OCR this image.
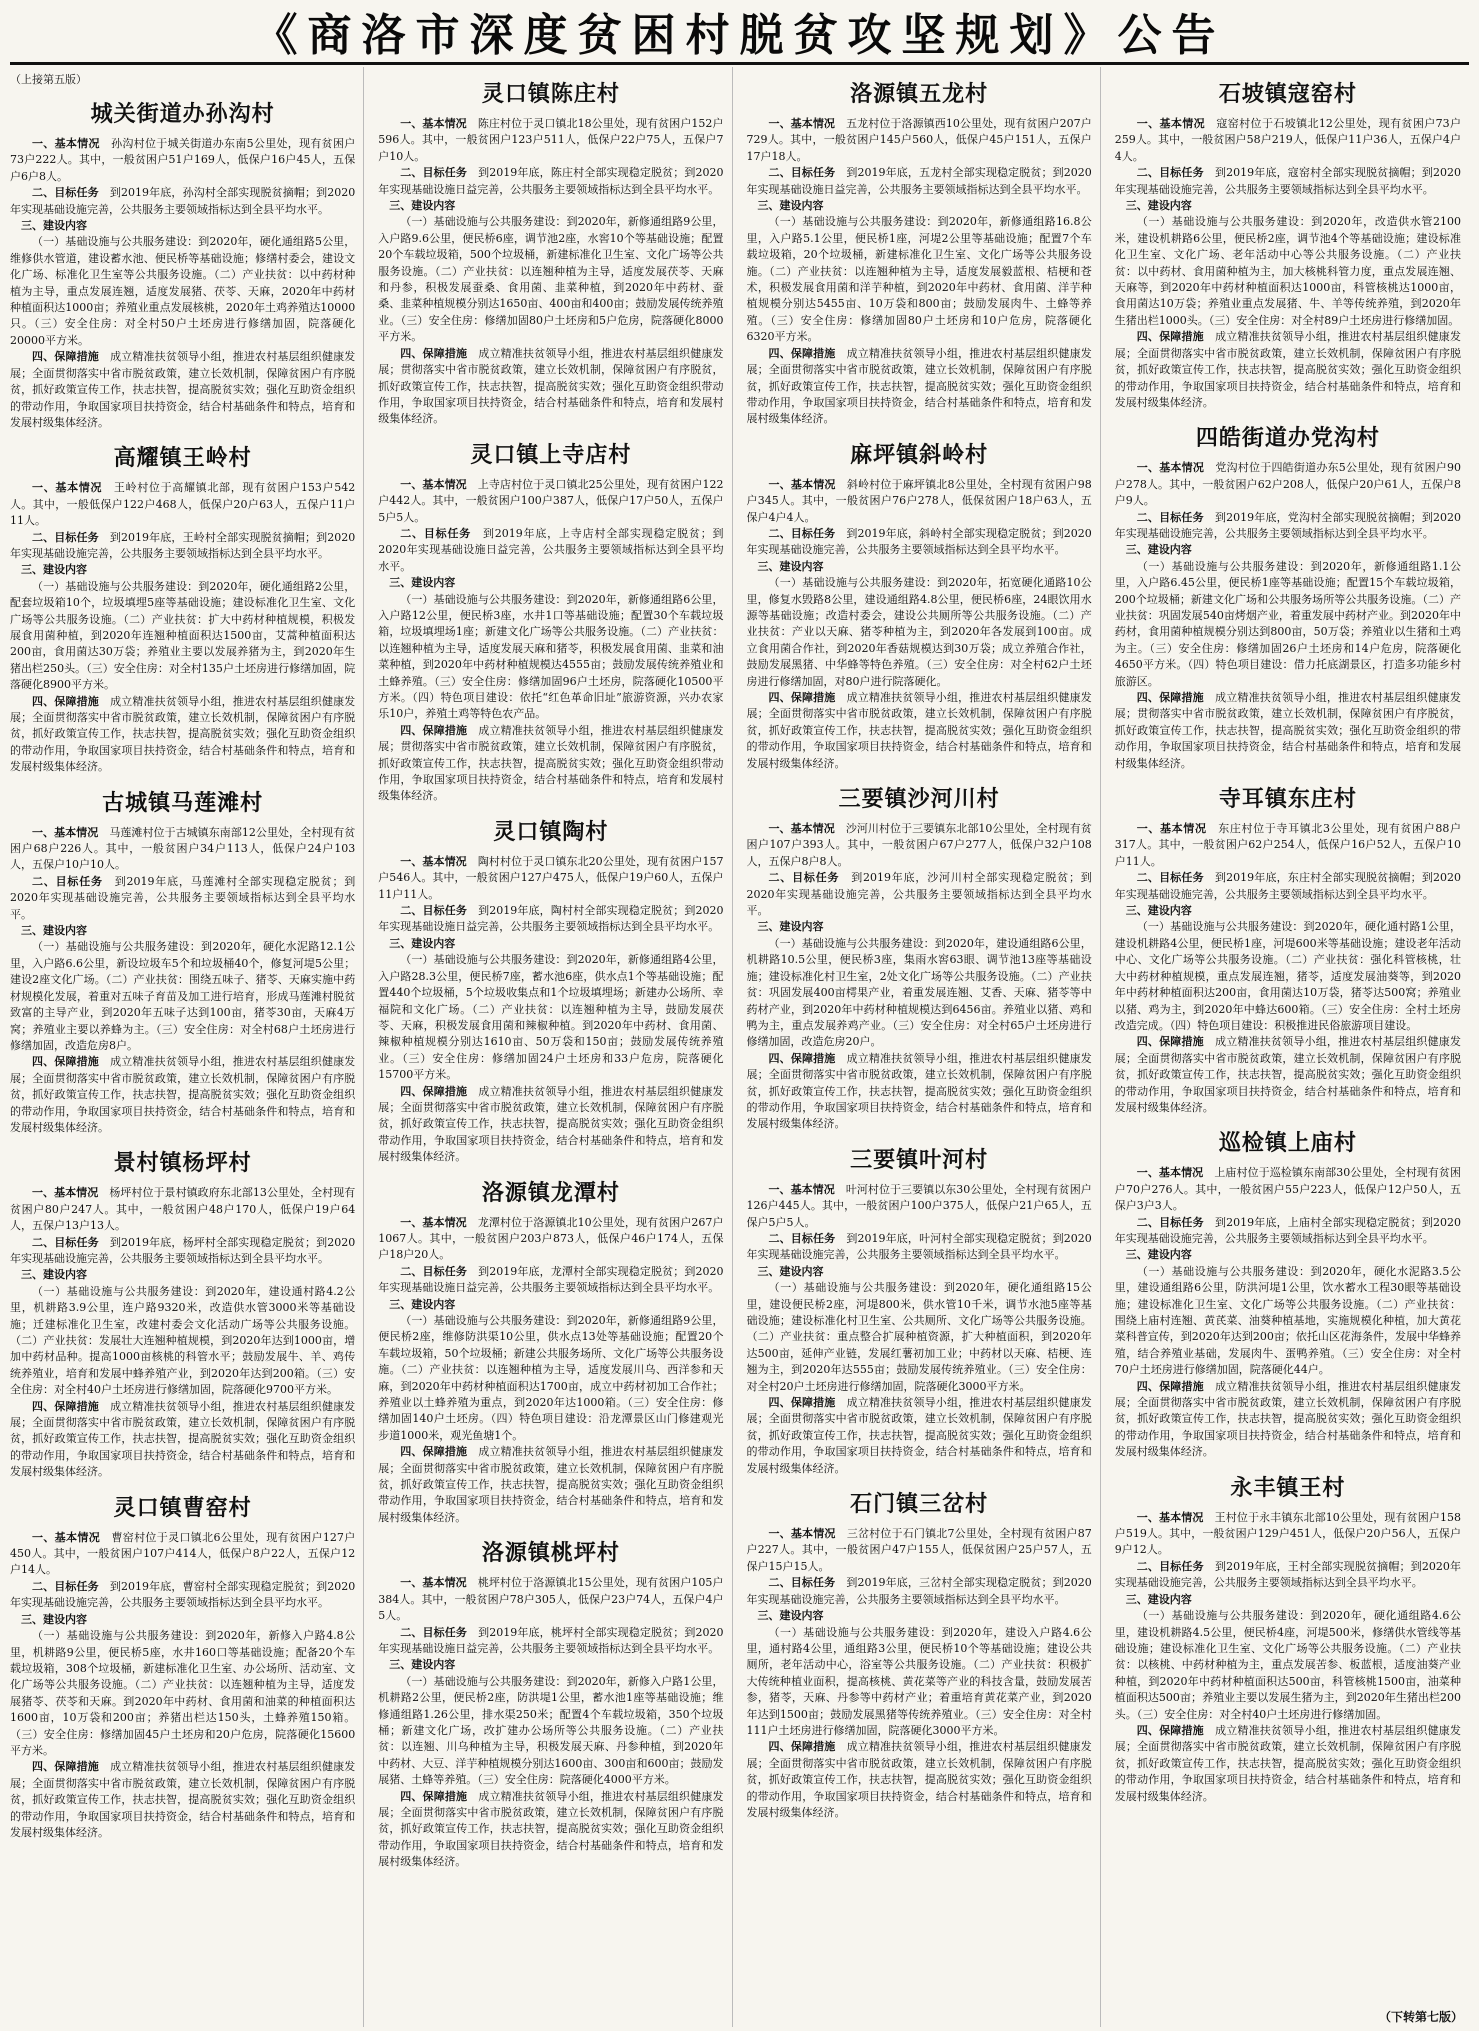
《商洛市深度贫困村脱贫攻坚规划》公告
（上接第五版）
城关街道办孙沟村

一、基本情况　 孙沟村位于城关街道办东南5公里处，现有贫困户73户222人。其中，一般贫困户51户169人，低保户16户45人，五保户6户8人。

二、目标任务　 到2019年底，孙沟村全部实现脱贫摘帽；到2020年实现基础设施完善，公共服务主要领域指标达到全县平均水平。

三、建设内容

（一）基础设施与公共服务建设：到2020年，硬化通组路5公里，维修供水管道，建设蓄水池、便民桥等基础设施；修缮村委会，建设文化广场、标准化卫生室等公共服务设施。（二）产业扶贫：以中药材种植为主导，重点发展连翘，适度发展猪、茯苓、天麻，2020年中药材种植面积达1000亩；养殖业重点发展核桃，2020年土鸡养殖达10000只。（三）安全住房：对全村50户土坯房进行修缮加固，院落硬化20000平方米。

四、保障措施　 成立精准扶贫领导小组，推进农村基层组织健康发展；全面贯彻落实中省市脱贫政策，建立长效机制，保障贫困户有序脱贫，抓好政策宣传工作，扶志扶智，提高脱贫实效；强化互助资金组织的带动作用，争取国家项目扶持资金，结合村基础条件和特点，培育和发展村级集体经济。

高耀镇王岭村

一、基本情况　 王岭村位于高耀镇北部，现有贫困户153户542人。其中，一般低保户122户468人，低保户20户63人，五保户11户11人。

二、目标任务　 到2019年底，王岭村全部实现脱贫摘帽；到2020年实现基础设施完善，公共服务主要领域指标达到全县平均水平。

三、建设内容

（一）基础设施与公共服务建设：到2020年，硬化通组路2公里，配套垃圾箱10个，垃圾填埋5座等基础设施；建设标准化卫生室、文化广场等公共服务设施。（二）产业扶贫：扩大中药材种植规模，积极发展食用菌种植，到2020年连翘种植面积达1500亩，艾蒿种植面积达200亩，食用菌达30万袋；养殖业主要以发展养猪为主，到2020年生猪出栏250头。（三）安全住房：对全村135户土坯房进行修缮加固，院落硬化8900平方米。

四、保障措施　 成立精准扶贫领导小组，推进农村基层组织健康发展；全面贯彻落实中省市脱贫政策，建立长效机制，保障贫困户有序脱贫，抓好政策宣传工作，扶志扶智，提高脱贫实效；强化互助资金组织的带动作用，争取国家项目扶持资金，结合村基础条件和特点，培育和发展村级集体经济。

古城镇马莲滩村

一、基本情况　 马莲滩村位于古城镇东南部12公里处，全村现有贫困户68户226人。其中，一般贫困户34户113人，低保户24户103人，五保户10户10人。

二、目标任务　 到2019年底，马莲滩村全部实现稳定脱贫；到2020年实现基础设施完善，公共服务主要领域指标达到全县平均水平。

三、建设内容

（一）基础设施与公共服务建设：到2020年，硬化水泥路12.1公里，入户路6.6公里，新设垃圾车5个和垃圾桶40个，修复河堤5公里；建设2座文化广场。（二）产业扶贫：围绕五味子、猪苓、天麻实施中药材规模化发展，着重对五味子育苗及加工进行培育，形成马莲滩村脱贫致富的主导产业，到2020年五味子达到100亩，猪苓30亩，天麻4万窝；养殖业主要以养蜂为主。（三）安全住房：对全村68户土坯房进行修缮加固，改造危房8户。

四、保障措施　 成立精准扶贫领导小组，推进农村基层组织健康发展；全面贯彻落实中省市脱贫政策，建立长效机制，保障贫困户有序脱贫，抓好政策宣传工作，扶志扶智，提高脱贫实效；强化互助资金组织的带动作用，争取国家项目扶持资金，结合村基础条件和特点，培育和发展村级集体经济。

景村镇杨坪村

一、基本情况　 杨坪村位于景村镇政府东北部13公里处，全村现有贫困户80户247人。其中，一般贫困户48户170人，低保户19户64人，五保户13户13人。

二、目标任务　 到2019年底，杨坪村全部实现稳定脱贫；到2020年实现基础设施完善，公共服务主要领域指标达到全县平均水平。

三、建设内容

（一）基础设施与公共服务建设：到2020年，建设通村路4.2公里，机耕路3.9公里，连户路9320米，改造供水管3000米等基础设施；迁建标准化卫生室，改建村委会文化活动广场等公共服务设施。（二）产业扶贫：发展壮大连翘种植规模，到2020年达到1000亩，增加中药材品种。提高1000亩核桃的科管水平；鼓励发展牛、羊、鸡传统养殖业，培育和发展中蜂养殖产业，到2020年达到200箱。（三）安全住房：对全村40户土坯房进行修缮加固，院落硬化9700平方米。

四、保障措施　 成立精准扶贫领导小组，推进农村基层组织健康发展；全面贯彻落实中省市脱贫政策，建立长效机制，保障贫困户有序脱贫，抓好政策宣传工作，扶志扶智，提高脱贫实效；强化互助资金组织的带动作用，争取国家项目扶持资金，结合村基础条件和特点，培育和发展村级集体经济。

灵口镇曹窑村

一、基本情况　 曹窑村位于灵口镇北6公里处，现有贫困户127户450人。其中，一般贫困户107户414人，低保户8户22人，五保户12户14人。

二、目标任务　 到2019年底，曹窑村全部实现稳定脱贫；到2020年实现基础设施完善，公共服务主要领域指标达到全县平均水平。

三、建设内容

（一）基础设施与公共服务建设：到2020年，新修入户路4.8公里，机耕路9公里，便民桥5座，水井160口等基础设施；配备20个车载垃圾箱，308个垃圾桶，新建标准化卫生室、办公场所、活动室、文化广场等公共服务设施。（二）产业扶贫：以连翘种植为主导，适度发展猪苓、茯苓和天麻。到2020年中药材、食用菌和油菜的种植面积达1600亩，10万袋和200亩；养猪出栏达150头，土蜂养殖150箱。（三）安全住房：修缮加固45户土坯房和20户危房，院落硬化15600平方米。

四、保障措施　 成立精准扶贫领导小组，推进农村基层组织健康发展；全面贯彻落实中省市脱贫政策，建立长效机制，保障贫困户有序脱贫，抓好政策宣传工作，扶志扶智，提高脱贫实效；强化互助资金组织的带动作用，争取国家项目扶持资金，结合村基础条件和特点，培育和发展村级集体经济。

灵口镇陈庄村

一、基本情况　 陈庄村位于灵口镇北18公里处，现有贫困户152户596人。其中，一般贫困户123户511人，低保户22户75人，五保户7户10人。

二、目标任务　 到2019年底，陈庄村全部实现稳定脱贫；到2020年实现基础设施日益完善，公共服务主要领域指标达到全县平均水平。

三、建设内容

（一）基础设施与公共服务建设：到2020年，新修通组路9公里，入户路9.6公里，便民桥6座，调节池2座，水窖10个等基础设施；配置20个车载垃圾箱，500个垃圾桶，新建标准化卫生室、文化广场等公共服务设施。（二）产业扶贫：以连翘种植为主导，适度发展茯苓、天麻和丹参，积极发展蚕桑、食用菌、韭菜种植，到2020年中药材、蚕桑、韭菜种植规模分别达1650亩、400亩和400亩；鼓励发展传统养殖业。（三）安全住房：修缮加固80户土坯房和5户危房，院落硬化8000平方米。

四、保障措施　 成立精准扶贫领导小组，推进农村基层组织健康发展；贯彻落实中省市脱贫政策，建立长效机制，保障贫困户有序脱贫，抓好政策宣传工作，扶志扶智，提高脱贫实效；强化互助资金组织带动作用，争取国家项目扶持资金，结合村基础条件和特点，培育和发展村级集体经济。

灵口镇上寺店村

一、基本情况　 上寺店村位于灵口镇北25公里处，现有贫困户122户442人。其中，一般贫困户100户387人，低保户17户50人，五保户5户5人。

二、目标任务　 到2019年底，上寺店村全部实现稳定脱贫；到2020年实现基础设施日益完善，公共服务主要领域指标达到全县平均水平。

三、建设内容

（一）基础设施与公共服务建设：到2020年，新修通组路6公里，入户路12公里，便民桥3座，水井1口等基础设施；配置30个车载垃圾箱，垃圾填埋场1座；新建文化广场等公共服务设施。（二）产业扶贫：以连翘种植为主导，适度发展天麻和猪苓，积极发展食用菌、韭菜和油菜种植，到2020年中药材种植规模达4555亩；鼓励发展传统养殖业和土蜂养殖。（三）安全住房：修缮加固96户土坯房，院落硬化10500平方米。（四）特色项目建设：依托“红色革命旧址”旅游资源，兴办农家乐10户，养殖土鸡等特色农产品。

四、保障措施　 成立精准扶贫领导小组，推进农村基层组织健康发展；贯彻落实中省市脱贫政策，建立长效机制，保障贫困户有序脱贫，抓好政策宣传工作，扶志扶智，提高脱贫实效；强化互助资金组织带动作用，争取国家项目扶持资金，结合村基础条件和特点，培育和发展村级集体经济。

灵口镇陶村

一、基本情况　 陶村村位于灵口镇东北20公里处，现有贫困户157户546人。其中，一般贫困户127户475人，低保户19户60人，五保户11户11人。

二、目标任务　 到2019年底，陶村村全部实现稳定脱贫；到2020年实现基础设施日益完善，公共服务主要领域指标达到全县平均水平。

三、建设内容

（一）基础设施与公共服务建设：到2020年，新修通组路4公里，入户路28.3公里，便民桥7座，蓄水池6座，供水点1个等基础设施；配置440个垃圾桶，5个垃圾收集点和1个垃圾填埋场；新建办公场所、幸福院和文化广场。（二）产业扶贫：以连翘种植为主导，鼓励发展茯苓、天麻，积极发展食用菌和辣椒种植。到2020年中药材、食用菌、辣椒种植规模分别达1610亩、50万袋和150亩；鼓励发展传统养殖业。（三）安全住房：修缮加固24户土坯房和33户危房，院落硬化15700平方米。

四、保障措施　 成立精准扶贫领导小组，推进农村基层组织健康发展；全面贯彻落实中省市脱贫政策，建立长效机制，保障贫困户有序脱贫，抓好政策宣传工作，扶志扶智，提高脱贫实效；强化互助资金组织带动作用，争取国家项目扶持资金，结合村基础条件和特点，培育和发展村级集体经济。

洛源镇龙潭村

一、基本情况　 龙潭村位于洛源镇北10公里处，现有贫困户267户1067人。其中，一般贫困户203户873人，低保户46户174人，五保户18户20人。

二、目标任务　 到2019年底，龙潭村全部实现稳定脱贫；到2020年实现基础设施日益完善，公共服务主要领域指标达到全县平均水平。

三、建设内容

（一）基础设施与公共服务建设：到2020年，新修通组路9公里，便民桥2座，维修防洪渠10公里，供水点13处等基础设施；配置20个车载垃圾箱，50个垃圾桶；新建公共服务场所、文化广场等公共服务设施。（二）产业扶贫：以连翘种植为主导，适度发展川乌、西洋参和天麻，到2020年中药材种植面积达1700亩，成立中药材初加工合作社；养殖业以土蜂养殖为重点，到2020年达1000箱。（三）安全住房：修缮加固140户土坯房。（四）特色项目建设：沿龙潭景区山门修建观光步道1000米，观光鱼塘1个。

四、保障措施　 成立精准扶贫领导小组，推进农村基层组织健康发展；全面贯彻落实中省市脱贫政策，建立长效机制，保障贫困户有序脱贫，抓好政策宣传工作，扶志扶智，提高脱贫实效；强化互助资金组织带动作用，争取国家项目扶持资金，结合村基础条件和特点，培育和发展村级集体经济。

洛源镇桃坪村

一、基本情况　 桃坪村位于洛源镇北15公里处，现有贫困户105户384人。其中，一般贫困户78户305人，低保户23户74人，五保户4户5人。

二、目标任务　 到2019年底，桃坪村全部实现稳定脱贫；到2020年实现基础设施日益完善，公共服务主要领域指标达到全县平均水平。

三、建设内容

（一）基础设施与公共服务建设：到2020年，新修入户路1公里，机耕路2公里，便民桥2座，防洪堤1公里，蓄水池1座等基础设施；维修通组路1.26公里，排水渠250米；配置4个车载垃圾箱，350个垃圾桶；新建文化广场，改扩建办公场所等公共服务设施。（二）产业扶贫：以连翘、川乌种植为主导，积极发展天麻、丹参种植，到2020年中药材、大豆、洋芋种植规模分别达1600亩、300亩和600亩；鼓励发展猪、土蜂等养殖。（三）安全住房：院落硬化4000平方米。

四、保障措施　 成立精准扶贫领导小组，推进农村基层组织健康发展；全面贯彻落实中省市脱贫政策，建立长效机制，保障贫困户有序脱贫，抓好政策宣传工作，扶志扶智，提高脱贫实效；强化互助资金组织带动作用，争取国家项目扶持资金，结合村基础条件和特点，培育和发展村级集体经济。

洛源镇五龙村

一、基本情况　 五龙村位于洛源镇西10公里处，现有贫困户207户729人。其中，一般贫困户145户560人，低保户45户151人，五保户17户18人。

二、目标任务　 到2019年底，五龙村全部实现稳定脱贫；到2020年实现基础设施日益完善，公共服务主要领域指标达到全县平均水平。

三、建设内容

（一）基础设施与公共服务建设：到2020年，新修通组路16.8公里，入户路5.1公里，便民桥1座，河堤2公里等基础设施；配置7个车载垃圾箱，20个垃圾桶，新建标准化卫生室、文化广场等公共服务设施。（二）产业扶贫：以连翘种植为主导，适度发展毅蓝根、桔梗和苍术，积极发展食用菌和洋芋种植，到2020年中药材、食用菌、洋芋种植规模分别达5455亩、10万袋和800亩；鼓励发展肉牛、土蜂等养殖。（三）安全住房：修缮加固80户土坯房和10户危房，院落硬化6320平方米。

四、保障措施　 成立精准扶贫领导小组，推进农村基层组织健康发展；全面贯彻落实中省市脱贫政策，建立长效机制，保障贫困户有序脱贫，抓好政策宣传工作，扶志扶智，提高脱贫实效；强化互助资金组织带动作用，争取国家项目扶持资金，结合村基础条件和特点，培育和发展村级集体经济。

麻坪镇斜岭村

一、基本情况　 斜岭村位于麻坪镇北8公里处，全村现有贫困户98户345人。其中，一般贫困户76户278人，低保贫困户18户63人，五保户4户4人。

二、目标任务　 到2019年底，斜岭村全部实现稳定脱贫；到2020年实现基础设施完善，公共服务主要领域指标达到全县平均水平。

三、建设内容

（一）基础设施与公共服务建设：到2020年，拓宽硬化通路10公里，修复水毁路8公里，建设通组路4.8公里，便民桥6座，24眼饮用水源等基础设施；改造村委会，建设公共厕所等公共服务设施。（二）产业扶贫：产业以天麻、猪苓种植为主，到2020年各发展到100亩。成立食用菌合作社，到2020年香菇规模达到30万袋；成立养殖合作社，鼓励发展黑猪、中华蜂等特色养殖。（三）安全住房：对全村62户土坯房进行修缮加固，对80户进行院落硬化。

四、保障措施　 成立精准扶贫领导小组，推进农村基层组织健康发展；全面贯彻落实中省市脱贫政策，建立长效机制，保障贫困户有序脱贫，抓好政策宣传工作，扶志扶智，提高脱贫实效；强化互助资金组织的带动作用，争取国家项目扶持资金，结合村基础条件和特点，培育和发展村级集体经济。

三要镇沙河川村

一、基本情况　 沙河川村位于三要镇东北部10公里处，全村现有贫困户107户393人。其中，一般贫困户67户277人，低保户32户108人，五保户8户8人。

二、目标任务　 到2019年底，沙河川村全部实现稳定脱贫；到2020年实现基础设施完善，公共服务主要领域指标达到全县平均水平。

三、建设内容

（一）基础设施与公共服务建设：到2020年，建设通组路6公里，机耕路10.5公里，便民桥3座，集雨水窖63眼、调节池13座等基础设施；建设标准化村卫生室，2处文化广场等公共服务设施。（二）产业扶贫：巩固发展400亩樗果产业，着重发展连翘、艾香、天麻、猪苓等中药材产业，到2020年中药材种植规模达到6456亩。养殖业以猪、鸡和鸭为主，重点发展养鸡产业。（三）安全住房：对全村65户土坯房进行修缮加固，改造危房20户。

四、保障措施　 成立精准扶贫领导小组，推进农村基层组织健康发展；全面贯彻落实中省市脱贫政策，建立长效机制，保障贫困户有序脱贫，抓好政策宣传工作，扶志扶智，提高脱贫实效；强化互助资金组织的带动作用，争取国家项目扶持资金，结合村基础条件和特点，培育和发展村级集体经济。

三要镇叶河村

一、基本情况　 叶河村位于三要镇以东30公里处，全村现有贫困户126户445人。其中，一般贫困户100户375人，低保户21户65人，五保户5户5人。

二、目标任务　 到2019年底，叶河村全部实现稳定脱贫；到2020年实现基础设施完善，公共服务主要领域指标达到全县平均水平。

三、建设内容

（一）基础设施与公共服务建设：到2020年，硬化通组路15公里，建设便民桥2座，河堤800米，供水管10千米，调节水池5座等基础设施；建设标准化村卫生室、公共厕所、文化广场等公共服务设施。（二）产业扶贫：重点整合扩展种植资源，扩大种植面积，到2020年达500亩，延伸产业链，发展红薯初加工业；中药材以天麻、桔梗、连翘为主，到2020年达555亩；鼓励发展传统养殖业。（三）安全住房：对全村20户土坯房进行修缮加固，院落硬化3000平方米。

四、保障措施　 成立精准扶贫领导小组，推进农村基层组织健康发展；全面贯彻落实中省市脱贫政策，建立长效机制，保障贫困户有序脱贫，抓好政策宣传工作，扶志扶智，提高脱贫实效；强化互助资金组织的带动作用，争取国家项目扶持资金，结合村基础条件和特点，培育和发展村级集体经济。

石门镇三岔村

一、基本情况　 三岔村位于石门镇北7公里处，全村现有贫困户87户227人。其中，一般贫困户47户155人，低保贫困户25户57人，五保户15户15人。

二、目标任务　 到2019年底，三岔村全部实现稳定脱贫；到2020年实现基础设施完善，公共服务主要领域指标达到全县平均水平。

三、建设内容

（一）基础设施与公共服务建设：到2020年，建设入户路4.6公里，通村路4公里，通组路3公里，便民桥10个等基础设施；建设公共厕所，老年活动中心，浴室等公共服务设施。（二）产业扶贫：积极扩大传统种植业面积，提高核桃、黄花菜等产业的科技含量，鼓励发展苦参，猪苓，天麻、丹参等中药材产业；着重培育黄花菜产业，到2020年达到1500亩；鼓励发展黑猪等传统养殖业。（三）安全住房：对全村111户土坯房进行修缮加固，院落硬化3000平方米。

四、保障措施　 成立精准扶贫领导小组，推进农村基层组织健康发展；全面贯彻落实中省市脱贫政策，建立长效机制，保障贫困户有序脱贫，抓好政策宣传工作，扶志扶智，提高脱贫实效；强化互助资金组织的带动作用，争取国家项目扶持资金，结合村基础条件和特点，培育和发展村级集体经济。

石坡镇寇窑村

一、基本情况　 寇窑村位于石坡镇北12公里处，现有贫困户73户259人。其中，一般贫困户58户219人，低保户11户36人，五保户4户4人。

二、目标任务　 到2019年底，寇窑村全部实现脱贫摘帽；到2020年实现基础设施完善，公共服务主要领域指标达到全县平均水平。

三、建设内容

（一）基础设施与公共服务建设：到2020年，改造供水管2100米，建设机耕路6公里，便民桥2座，调节池4个等基础设施；建设标准化卫生室、文化广场、老年活动中心等公共服务设施。（二）产业扶贫：以中药材、食用菌种植为主，加大核桃科管力度，重点发展连翘、天麻等，到2020年中药材种植面积达1000亩，科管核桃达1000亩，食用菌达10万袋；养殖业重点发展猪、牛、羊等传统养殖，到2020年生猪出栏1000头。（三）安全住房：对全村89户土坯房进行修缮加固。

四、保障措施　 成立精准扶贫领导小组，推进农村基层组织健康发展；全面贯彻落实中省市脱贫政策，建立长效机制，保障贫困户有序脱贫，抓好政策宣传工作，扶志扶智，提高脱贫实效；强化互助资金组织的带动作用，争取国家项目扶持资金，结合村基础条件和特点，培育和发展村级集体经济。

四皓街道办党沟村

一、基本情况　 党沟村位于四皓街道办东5公里处，现有贫困户90户278人。其中，一般贫困户62户208人，低保户20户61人，五保户8户9人。

二、目标任务　 到2019年底，党沟村全部实现脱贫摘帽；到2020年实现基础设施完善，公共服务主要领域指标达到全县平均水平。

三、建设内容

（一）基础设施与公共服务建设：到2020年，新修通组路1.1公里，入户路6.45公里，便民桥1座等基础设施；配置15个车载垃圾箱，200个垃圾桶；新建文化广场和公共服务场所等公共服务设施。（二）产业扶贫：巩固发展540亩烤烟产业，着重发展中药材产业。到2020年中药材，食用菌种植规模分别达到800亩，50万袋；养殖业以生猪和土鸡为主。（三）安全住房：修缮加固26户土坯房和14户危房，院落硬化4650平方米。（四）特色项目建设：借力托底湖景区，打造多功能乡村旅游区。

四、保障措施　 成立精准扶贫领导小组，推进农村基层组织健康发展；贯彻落实中省市脱贫政策，建立长效机制，保障贫困户有序脱贫，抓好政策宣传工作，扶志扶智，提高脱贫实效；强化互助资金组织的带动作用，争取国家项目扶持资金，结合村基础条件和特点，培育和发展村级集体经济。

寺耳镇东庄村

一、基本情况　 东庄村位于寺耳镇北3公里处，现有贫困户88户317人。其中，一般贫困户62户254人，低保户16户52人，五保户10户11人。

二、目标任务　 到2019年底，东庄村全部实现脱贫摘帽；到2020年实现基础设施完善，公共服务主要领域指标达到全县平均水平。

三、建设内容

（一）基础设施与公共服务建设：到2020年，硬化通村路1公里，建设机耕路4公里，便民桥1座，河堤600米等基础设施；建设老年活动中心、文化广场等公共服务设施。（二）产业扶贫：强化科管核桃，壮大中药材种植规模，重点发展连翘，猪苓，适度发展油葵等，到2020年中药材种植面积达200亩，食用菌达10万袋，猪苓达500窝；养殖业以猪、鸡为主，到2020年中蜂达600箱。（三）安全住房：全村土坯房改造完成。（四）特色项目建设：积极推进民俗旅游项目建设。

四、保障措施　 成立精准扶贫领导小组，推进农村基层组织健康发展；全面贯彻落实中省市脱贫政策，建立长效机制，保障贫困户有序脱贫，抓好政策宣传工作，扶志扶智，提高脱贫实效；强化互助资金组织的带动作用，争取国家项目扶持资金，结合村基础条件和特点，培育和发展村级集体经济。

巡检镇上庙村

一、基本情况　 上庙村位于巡检镇东南部30公里处，全村现有贫困户70户276人。其中，一般贫困户55户223人，低保户12户50人，五保户3户3人。

二、目标任务　 到2019年底，上庙村全部实现稳定脱贫；到2020年实现基础设施完善，公共服务主要领域指标达到全县平均水平。

三、建设内容

（一）基础设施与公共服务建设：到2020年，硬化水泥路3.5公里，建设通组路6公里，防洪河堤1公里，饮水蓄水工程30眼等基础设施；建设标准化卫生室、文化广场等公共服务设施。（二）产业扶贫：围绕上庙村连翘、黄芪菜、油葵种植基地，实施规模化种植，加大黄花菜科普宣传，到2020年达到200亩；依托山区花海条件，发展中华蜂养殖，结合养殖业基础，发展肉牛、蛋鸭养殖。（三）安全住房：对全村70户土坯房进行修缮加固，院落硬化44户。

四、保障措施　 成立精准扶贫领导小组，推进农村基层组织健康发展；全面贯彻落实中省市脱贫政策，建立长效机制，保障贫困户有序脱贫，抓好政策宣传工作，扶志扶智，提高脱贫实效；强化互助资金组织的带动作用，争取国家项目扶持资金，结合村基础条件和特点，培育和发展村级集体经济。

永丰镇王村

一、基本情况　 王村位于永丰镇东北部10公里处，现有贫困户158户519人。其中，一般贫困户129户451人，低保户20户56人，五保户9户12人。

二、目标任务　 到2019年底，王村全部实现脱贫摘帽；到2020年实现基础设施完善，公共服务主要领域指标达到全县平均水平。

三、建设内容

（一）基础设施与公共服务建设：到2020年，硬化通组路4.6公里，建设机耕路4.5公里，便民桥4座，河堤500米，修缮供水管线等基础设施；建设标准化卫生室、文化广场等公共服务设施。（二）产业扶贫：以核桃、中药材种植为主，重点发展苦参、板蓝根，适度油葵产业种植，到2020年中药材种植面积达500亩，科管核桃1500亩，油菜种植面积达500亩；养殖业主要以发展生猪为主，到2020年生猪出栏200头。（三）安全住房：对全村40户土坯房进行修缮加固。

四、保障措施　 成立精准扶贫领导小组，推进农村基层组织健康发展；全面贯彻落实中省市脱贫政策，建立长效机制，保障贫困户有序脱贫，抓好政策宣传工作，扶志扶智，提高脱贫实效；强化互助资金组织的带动作用，争取国家项目扶持资金，结合村基础条件和特点，培育和发展村级集体经济。

（下转第七版）
